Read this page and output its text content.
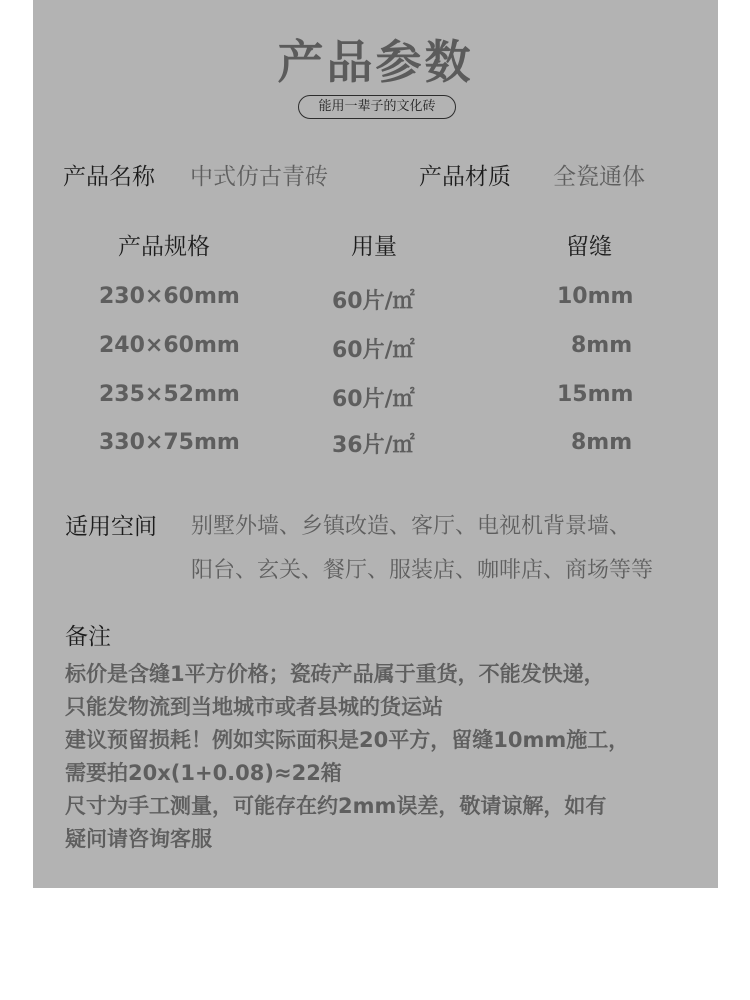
产品参数
能用一辈子的文化砖
产品名称 中式仿古青砖	产品材质 全瓷通体
产品规格	用量	留缝
230×60mm	60片/㎡	10mm
240×60mm	60片/㎡	8mm
235×52mm	60片/㎡	15mm
330×75mm	36片/㎡	8mm
适用空间 别墅外墙、乡镇改造、客厅、电视机背景墙、
阳台、玄关、餐厅、服装店、咖啡店、商场等等
备注
标价是含缝1平方价格；瓷砖产品属于重货，不能发快递，
只能发物流到当地城市或者县城的货运站
建议预留损耗！例如实际面积是20平方，留缝10mm施工，
需要拍20x(1+0.08)≈22箱
尺寸为手工测量，可能存在约2mm误差，敬请谅解，如有
疑问请咨询客服
